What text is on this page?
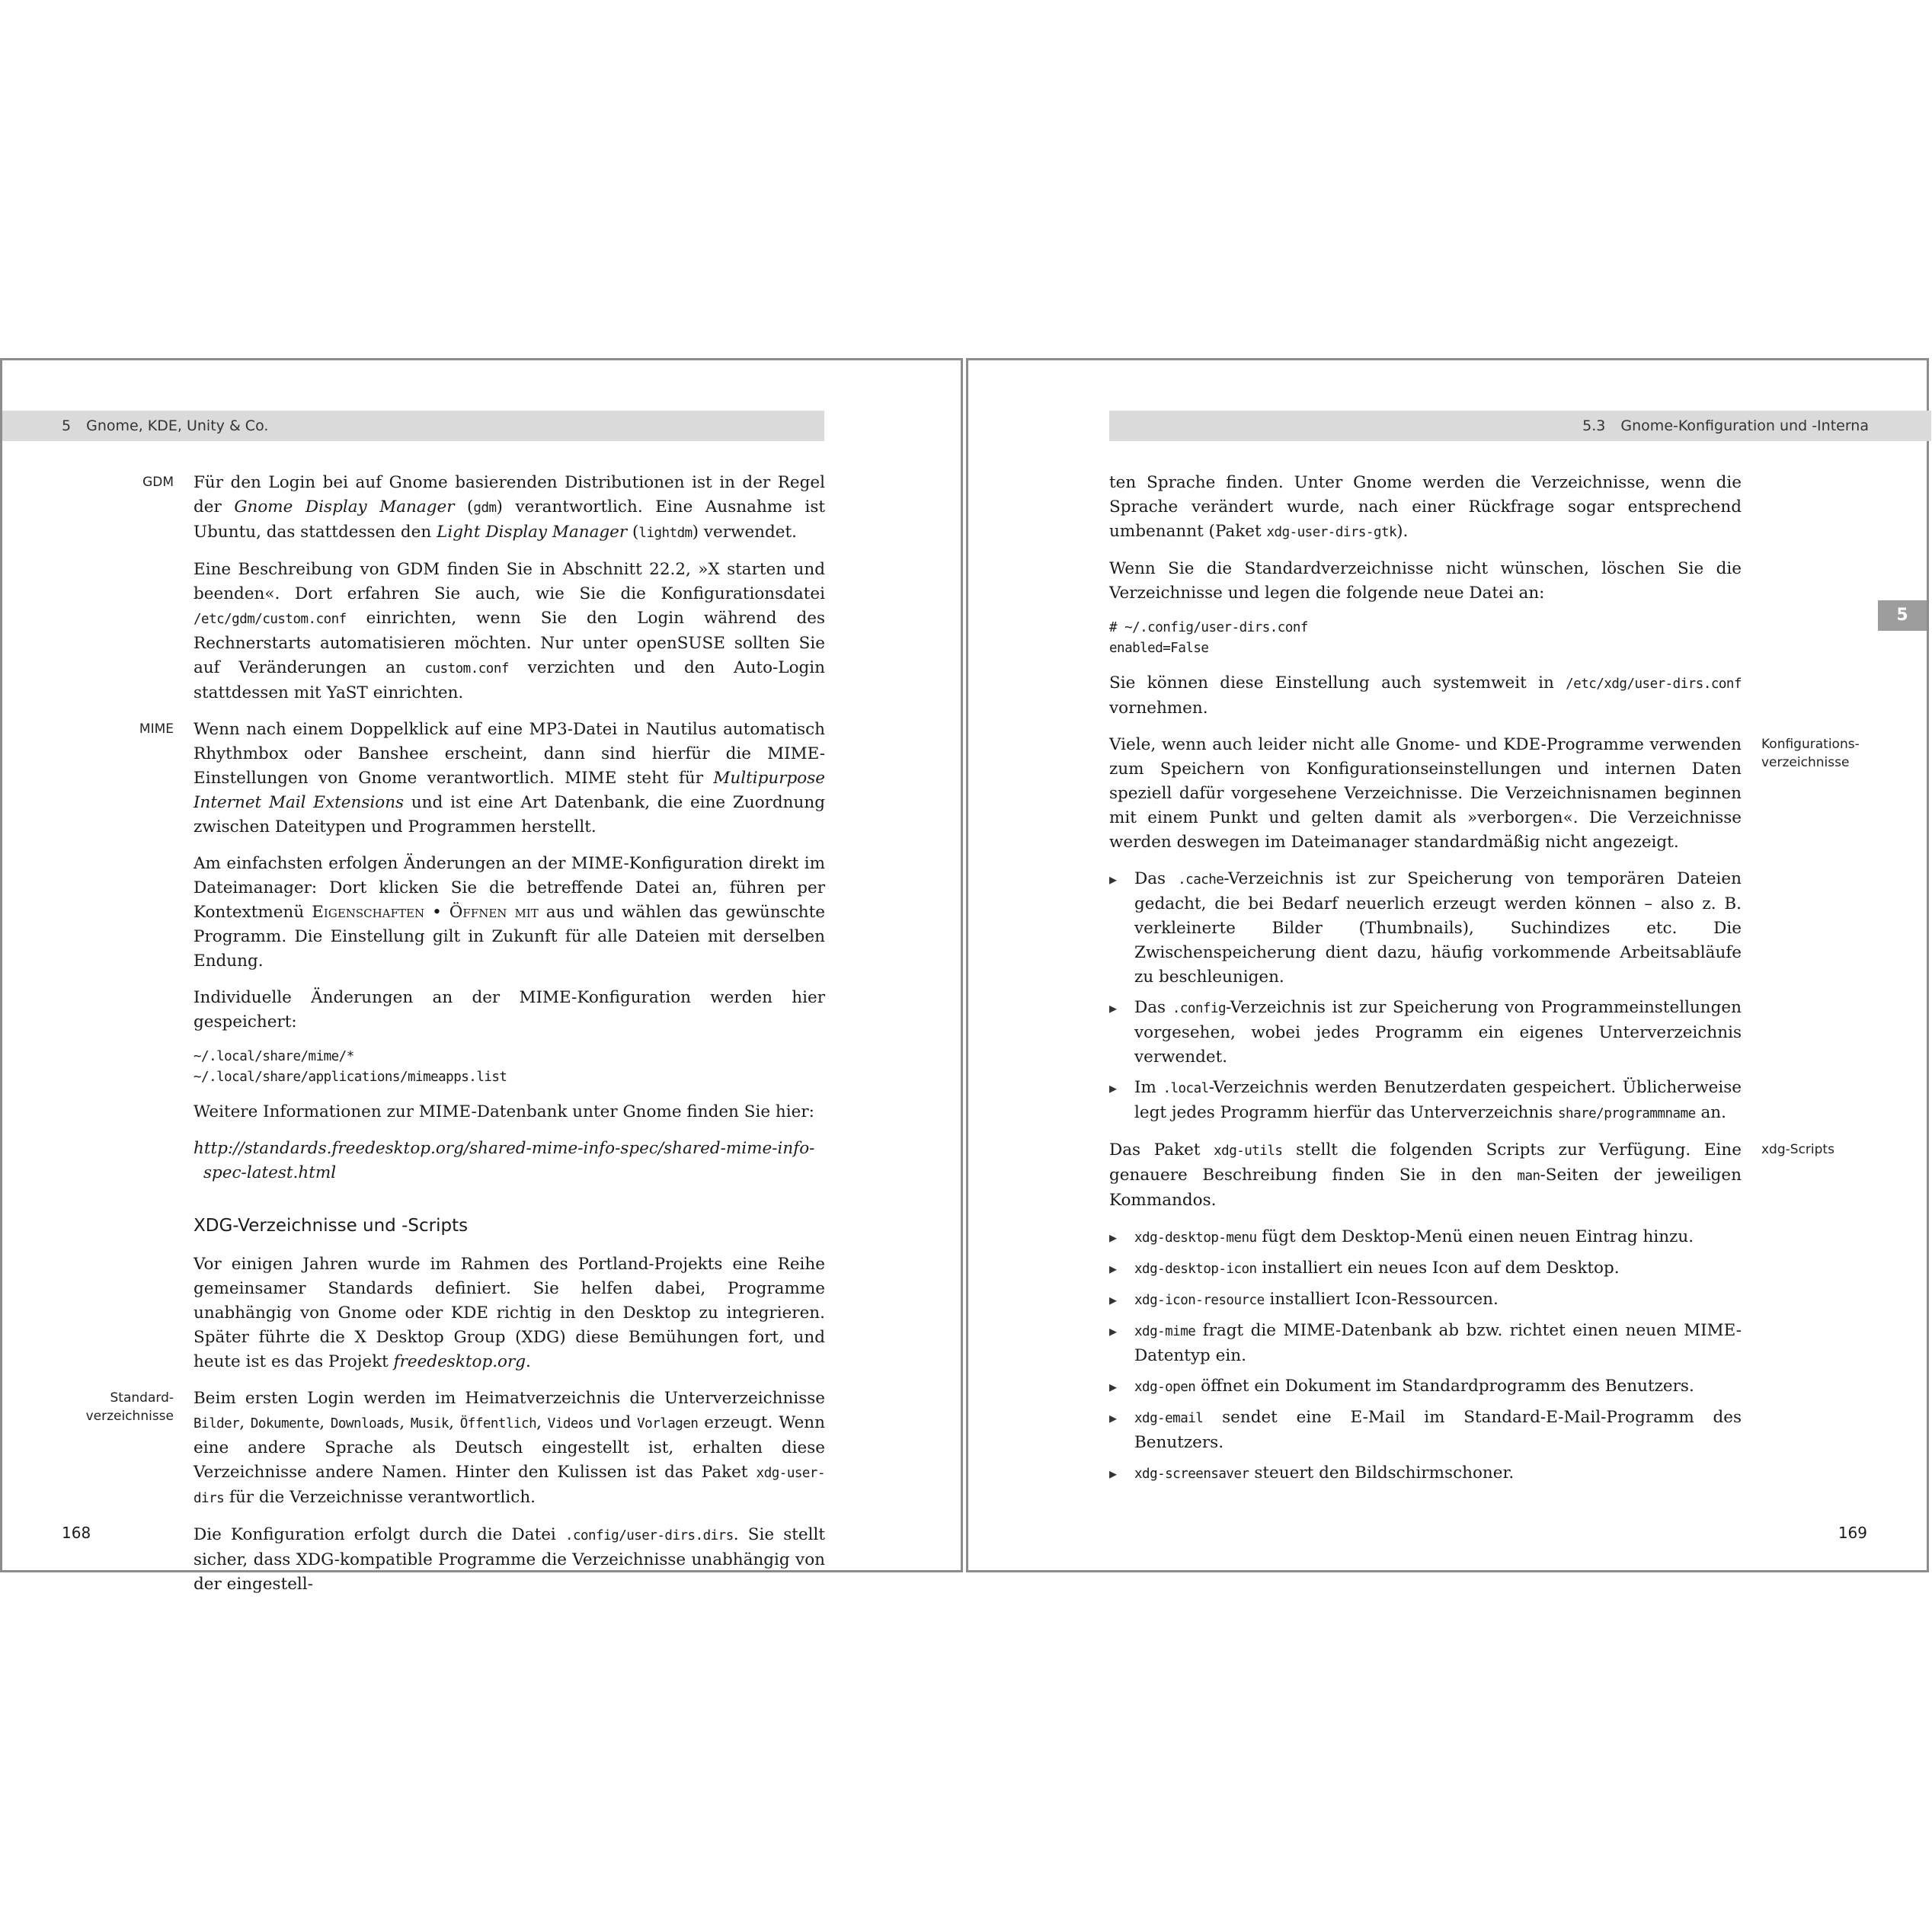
5 Gnome, KDE, Unity & Co.

GDM Für den Login bei auf Gnome basierenden Distributionen ist in der Regel der Gnome Display Manager (gdm) verantwortlich. Eine Ausnahme ist Ubuntu, das stattdessen den Light Display Manager (lightdm) verwendet.

Eine Beschreibung von GDM finden Sie in Abschnitt 22.2, »X starten und beenden«. Dort erfahren Sie auch, wie Sie die Konfigurationsdatei /etc/gdm/custom.conf einrichten, wenn Sie den Login während des Rechnerstarts automatisieren möchten. Nur unter openSUSE sollten Sie auf Veränderungen an custom.conf verzichten und den Auto-Login stattdessen mit YaST einrichten.

MIME Wenn nach einem Doppelklick auf eine MP3-Datei in Nautilus automatisch Rhythmbox oder Banshee erscheint, dann sind hierfür die MIME-Einstellungen von Gnome verantwortlich. MIME steht für Multipurpose Internet Mail Extensions und ist eine Art Datenbank, die eine Zuordnung zwischen Dateitypen und Programmen herstellt.

Am einfachsten erfolgen Änderungen an der MIME-Konfiguration direkt im Dateimanager: Dort klicken Sie die betreffende Datei an, führen per Kontextmenü Eigenschaften • Öffnen mit aus und wählen das gewünschte Programm. Die Einstellung gilt in Zukunft für alle Dateien mit derselben Endung.

Individuelle Änderungen an der MIME-Konfiguration werden hier gespeichert:

~/.local/share/mime/*
~/.local/share/applications/mimeapps.list

Weitere Informationen zur MIME-Datenbank unter Gnome finden Sie hier:

http://standards.freedesktop.org/shared-mime-info-spec/shared-mime-info-spec-latest.html

XDG-Verzeichnisse und -Scripts

Vor einigen Jahren wurde im Rahmen des Portland-Projekts eine Reihe gemeinsamer Standards definiert. Sie helfen dabei, Programme unabhängig von Gnome oder KDE richtig in den Desktop zu integrieren. Später führte die X Desktop Group (XDG) diese Bemühungen fort, und heute ist es das Projekt freedesktop.org.

Standard-
verzeichnisse
Beim ersten Login werden im Heimatverzeichnis die Unterverzeichnisse Bilder, Dokumente, Downloads, Musik, Öffentlich, Videos und Vorlagen erzeugt. Wenn eine andere Sprache als Deutsch eingestellt ist, erhalten diese Verzeichnisse andere Namen. Hinter den Kulissen ist das Paket xdg-user-dirs für die Verzeichnisse verantwortlich.

Die Konfiguration erfolgt durch die Datei .config/user-dirs.dirs. Sie stellt sicher, dass XDG-kompatible Programme die Verzeichnisse unabhängig von der eingestell-

168
5.3 Gnome-Konfiguration und -Interna
5

ten Sprache finden. Unter Gnome werden die Verzeichnisse, wenn die Sprache verändert wurde, nach einer Rückfrage sogar entsprechend umbenannt (Paket xdg-user-dirs-gtk).

Wenn Sie die Standardverzeichnisse nicht wünschen, löschen Sie die Verzeichnisse und legen die folgende neue Datei an:

# ~/.config/user-dirs.conf
enabled=False

Sie können diese Einstellung auch systemweit in /etc/xdg/user-dirs.conf vornehmen.

Konfigurations-
verzeichnisse
Viele, wenn auch leider nicht alle Gnome- und KDE-Programme verwenden zum Speichern von Konfigurationseinstellungen und internen Daten speziell dafür vorgesehene Verzeichnisse. Die Verzeichnisnamen beginnen mit einem Punkt und gelten damit als »verborgen«. Die Verzeichnisse werden deswegen im Dateimanager standardmäßig nicht angezeigt.

▸ Das .cache-Verzeichnis ist zur Speicherung von temporären Dateien gedacht, die bei Bedarf neuerlich erzeugt werden können – also z. B. verkleinerte Bilder (Thumbnails), Suchindizes etc. Die Zwischenspeicherung dient dazu, häufig vorkommende Arbeitsabläufe zu beschleunigen.
▸ Das .config-Verzeichnis ist zur Speicherung von Programmeinstellungen vorgesehen, wobei jedes Programm ein eigenes Unterverzeichnis verwendet.
▸ Im .local-Verzeichnis werden Benutzerdaten gespeichert. Üblicherweise legt jedes Programm hierfür das Unterverzeichnis share/programmname an.

xdg-Scripts
Das Paket xdg-utils stellt die folgenden Scripts zur Verfügung. Eine genauere Beschreibung finden Sie in den man-Seiten der jeweiligen Kommandos.

▸ xdg-desktop-menu fügt dem Desktop-Menü einen neuen Eintrag hinzu.
▸ xdg-desktop-icon installiert ein neues Icon auf dem Desktop.
▸ xdg-icon-resource installiert Icon-Ressourcen.
▸ xdg-mime fragt die MIME-Datenbank ab bzw. richtet einen neuen MIME-Datentyp ein.
▸ xdg-open öffnet ein Dokument im Standardprogramm des Benutzers.
▸ xdg-email sendet eine E-Mail im Standard-E-Mail-Programm des Benutzers.
▸ xdg-screensaver steuert den Bildschirmschoner.
169
